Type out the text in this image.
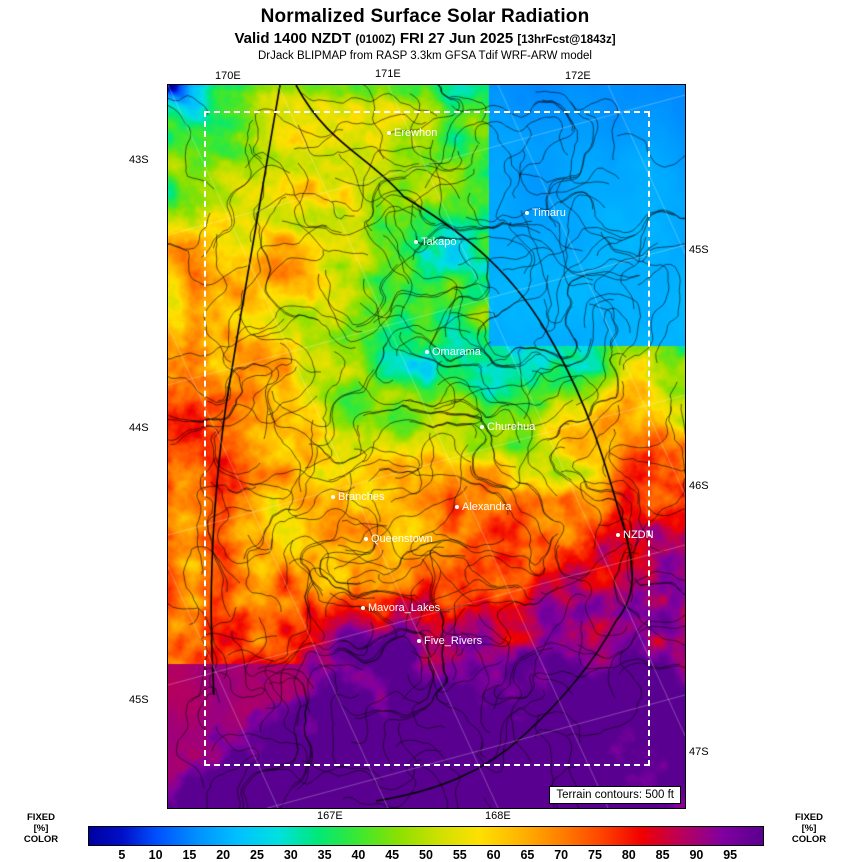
Normalized Surface Solar Radiation
Valid 1400 NZDT (0100Z) FRI 27 Jun 2025 [13hrFcst@1843z]
DrJack BLIPMAP from RASP 3.3km GFSA Tdif WRF-ARW model
Erewhon
Timaru
Takapo
Omarama
Churehua
Branches
Alexandra
NZDN
Queenstown
Mavora_Lakes
Five_Rivers
Terrain contours: 500 ft
170E	171E	172E
167E	168E
43S
44S
45S
45S
46S
47S
FIXED
[%]
COLOR
5 10 15 20 25 30 35 40 45 50 55 60 65 70 75 80 85 90 95
FIXED
[%]
COLOR
